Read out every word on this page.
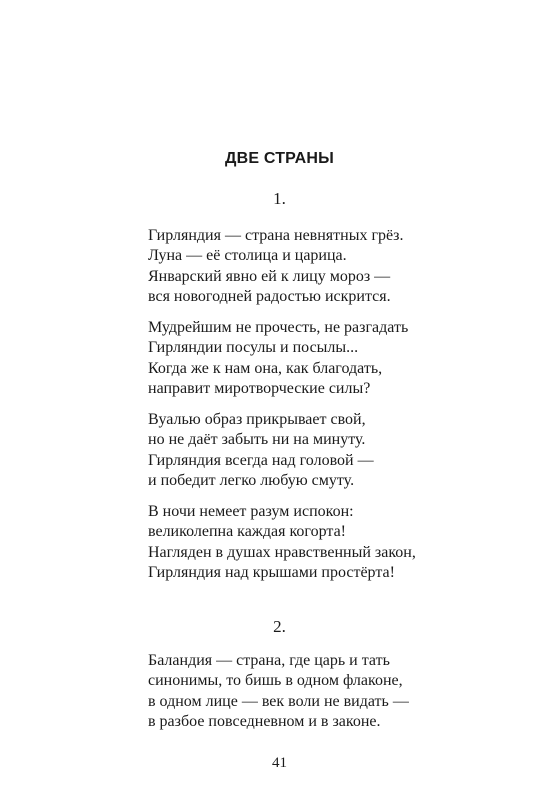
ДВЕ СТРАНЫ
1.
Гирляндия — страна невнятных грёз.
Луна — её столица и царица.
Январский явно ей к лицу мороз —
вся новогодней радостью искрится.
Мудрейшим не прочесть, не разгадать
Гирляндии посулы и посылы...
Когда же к нам она, как благодать,
направит миротворческие силы?
Вуалью образ прикрывает свой,
но не даёт забыть ни на минуту.
Гирляндия всегда над головой —
и победит легко любую смуту.
В ночи немеет разум испокон:
великолепна каждая когорта!
Нагляден в душах нравственный закон,
Гирляндия над крышами простёрта!
2.
Баландия — страна, где царь и тать
синонимы, то бишь в одном флаконе,
в одном лице — век воли не видать —
в разбое повседневном и в законе.
41
